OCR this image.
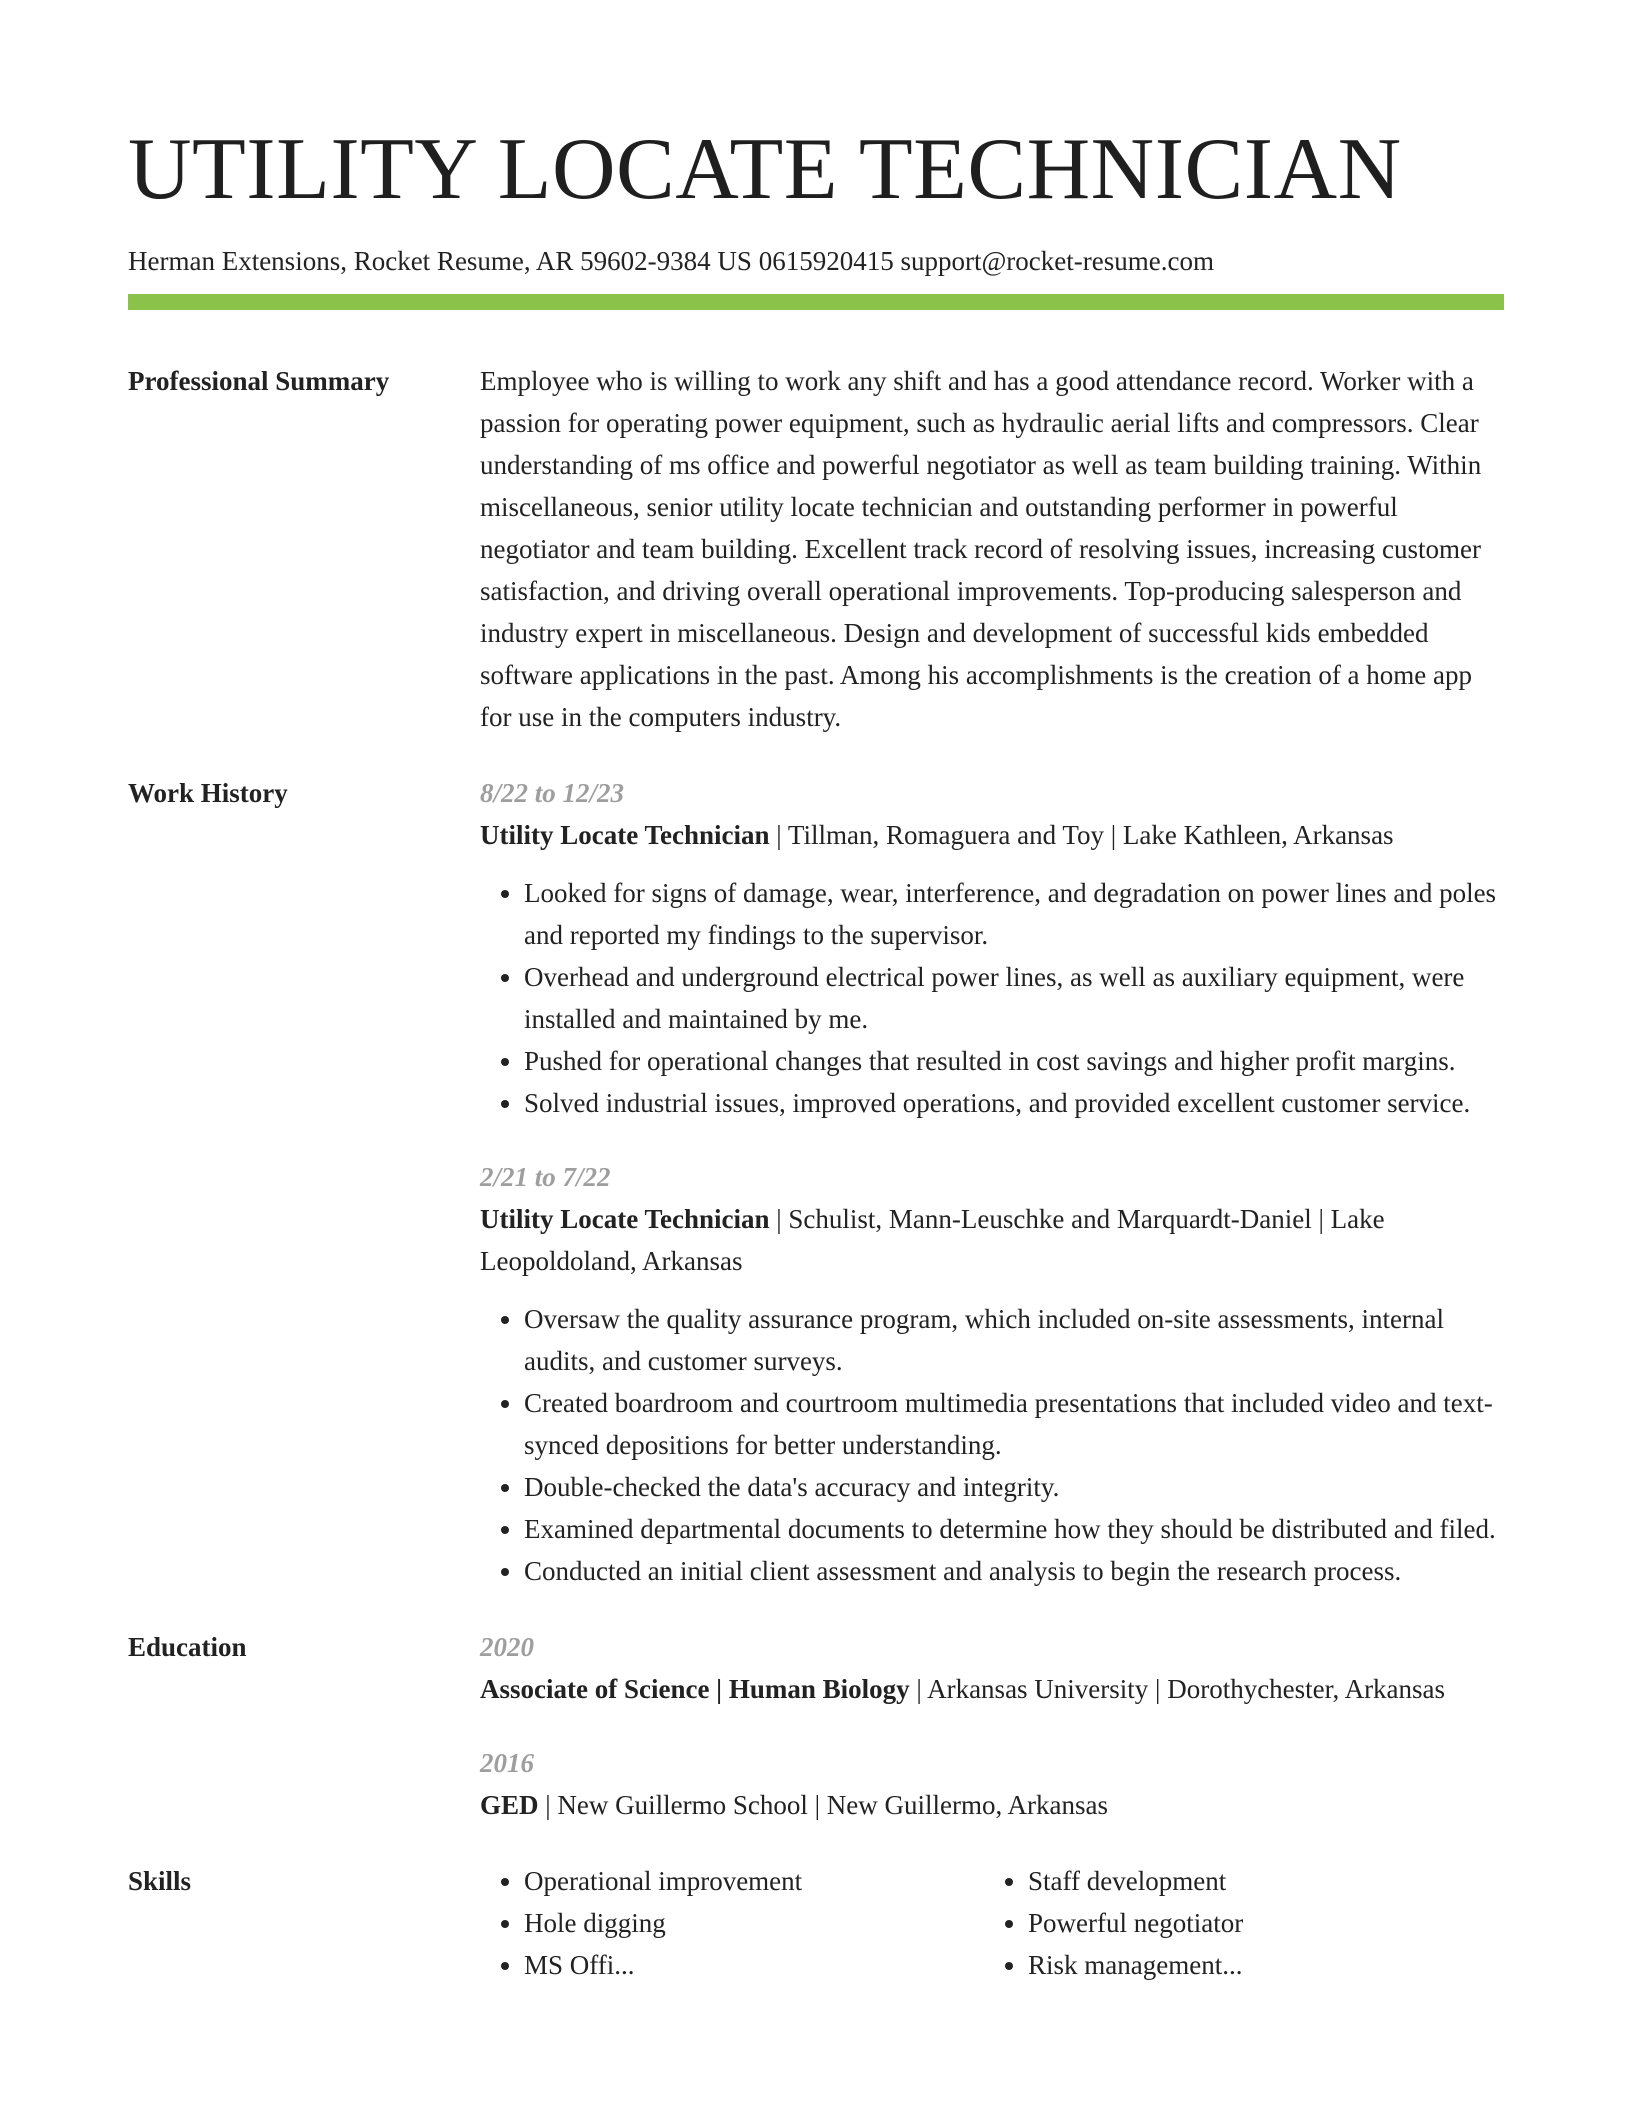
UTILITY LOCATE TECHNICIAN
Herman Extensions, Rocket Resume, AR 59602-9384 US 0615920415 support@rocket-resume.com
Professional Summary	Employee who is willing to work any shift and has a good attendance record. Worker with a passion for operating power equipment, such as hydraulic aerial lifts and compressors. Clear understanding of ms office and powerful negotiator as well as team building training. Within miscellaneous, senior utility locate technician and outstanding performer in powerful negotiator and team building. Excellent track record of resolving issues, increasing customer satisfaction, and driving overall operational improvements. Top-producing salesperson and industry expert in miscellaneous. Design and development of successful kids embedded software applications in the past. Among his accomplishments is the creation of a home app for use in the computers industry.
Work History	8/22 to 12/23
Utility Locate Technician | Tillman, Romaguera and Toy | Lake Kathleen, Arkansas
• Looked for signs of damage, wear, interference, and degradation on power lines and poles and reported my findings to the supervisor.
• Overhead and underground electrical power lines, as well as auxiliary equipment, were installed and maintained by me.
• Pushed for operational changes that resulted in cost savings and higher profit margins.
• Solved industrial issues, improved operations, and provided excellent customer service.
2/21 to 7/22
Utility Locate Technician | Schulist, Mann-Leuschke and Marquardt-Daniel | Lake Leopoldoland, Arkansas
• Oversaw the quality assurance program, which included on-site assessments, internal audits, and customer surveys.
• Created boardroom and courtroom multimedia presentations that included video and text-synced depositions for better understanding.
• Double-checked the data's accuracy and integrity.
• Examined departmental documents to determine how they should be distributed and filed.
• Conducted an initial client assessment and analysis to begin the research process.
Education	2020
Associate of Science | Human Biology | Arkansas University | Dorothychester, Arkansas
2016
GED | New Guillermo School | New Guillermo, Arkansas
Skills
•	Operational improvement
• Hole digging
• MS Offi...
• Staff development
• Powerful negotiator
• Risk management...
